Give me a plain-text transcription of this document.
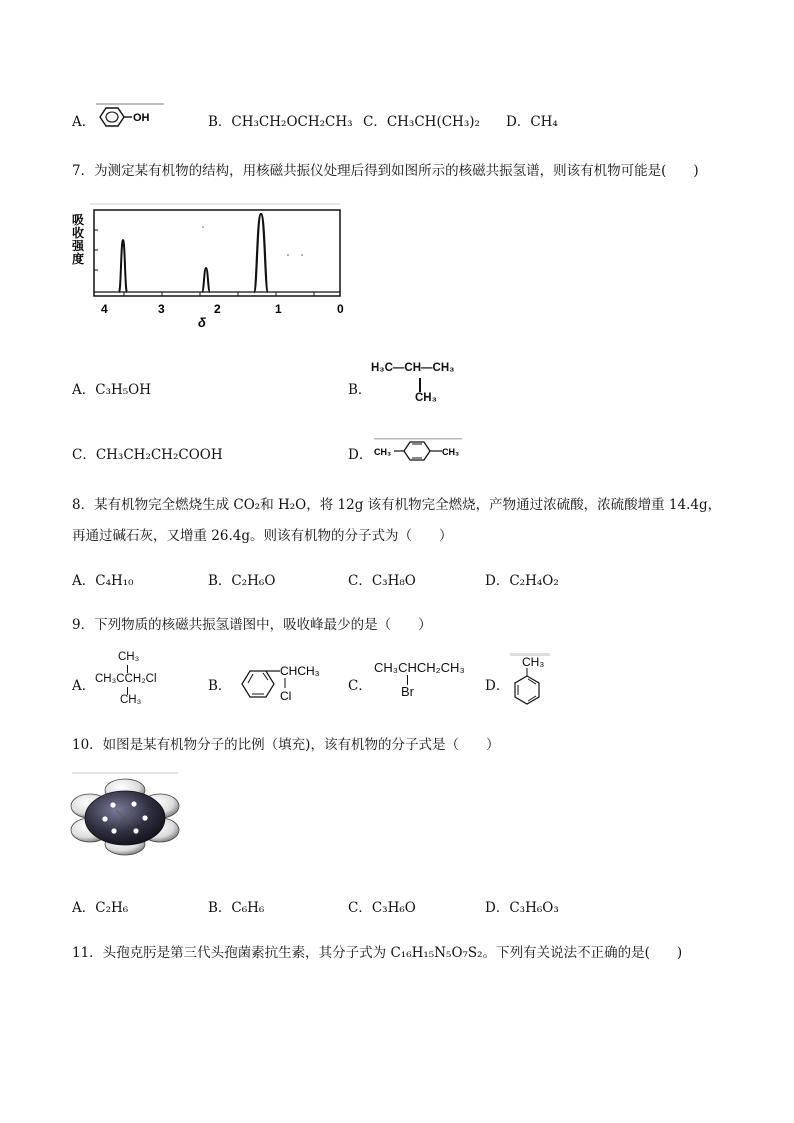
A．	OH	B．CH₃CH₂OCH₂CH₃ C．CH₃CH(CH₃)₂ D．CH₄
7．为测定某有机物的结构，用核磁共振仪处理后得到如图所示的核磁共振氢谱，则该有机物可能是(　　)
吸
收
强
度
4	3	2	1	0
δ
A．C₃H₅OH	B．
H₃C—CH—CH₃
CH₃
C．CH₃CH₂CH₂COOH	D． CH₃	CH₃
8．某有机物完全燃烧生成 CO₂和 H₂O，将 12g 该有机物完全燃烧，产物通过浓硫酸，浓硫酸增重 14.4g，
再通过碱石灰，又增重 26.4g。则该有机物的分子式为（　　）
A．C₄H₁₀	B．C₂H₆O	C．C₃H₈O	D．C₂H₄O₂
9．下列物质的核磁共振氢谱图中，吸收峰最少的是（　　）
A．
CH₃
CH₃CCH₂Cl
CH₃
B．
CHCH₃
Cl
C．
CH₃CHCH₂CH₃
Br	D．
CH₃
10．如图是某有机物分子的比例（填充)，该有机物的分子式是（　　）
A．C₂H₆	B．C₆H₆	C．C₃H₆O	D．C₃H₆O₃
11．头孢克肟是第三代头孢菌素抗生素，其分子式为 C₁₆H₁₅N₅O₇S₂。下列有关说法不正确的是(　　)
